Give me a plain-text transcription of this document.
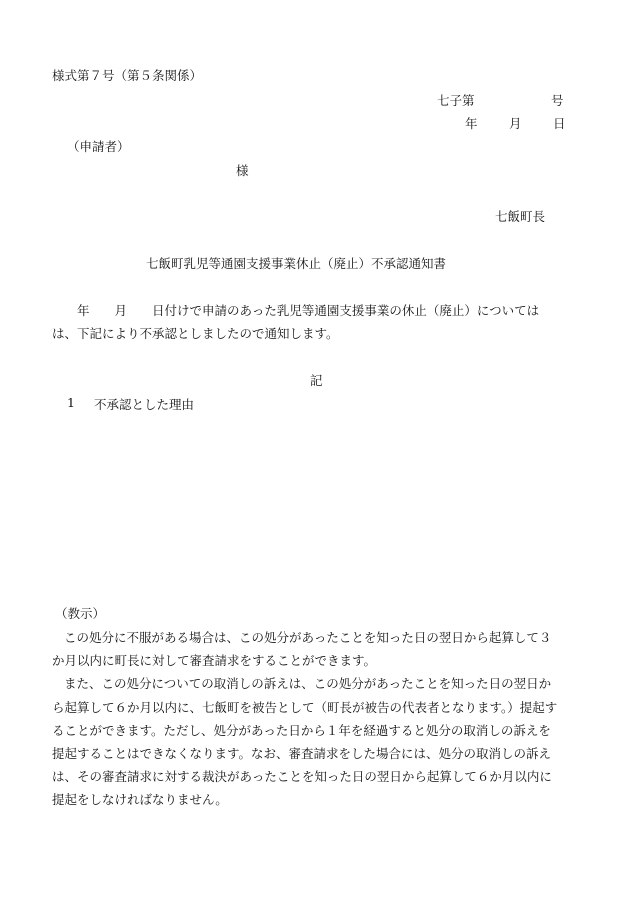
様式第７号（第５条関係）
七子第	号
年	月	日
（申請者）
様
七飯町長
七飯町乳児等通園支援事業休止（廃止）不承認通知書
　　年　　月　　日付けで申請のあった乳児等通園支援事業の休止（廃止）については
は、下記により不承認としましたので通知します。
記
1 不承認とした理由
（教示）
この処分に不服がある場合は、この処分があったことを知った日の翌日から起算して３
か月以内に町長に対して審査請求をすることができます。
また、この処分についての取消しの訴えは、この処分があったことを知った日の翌日か
ら起算して６か月以内に、七飯町を被告として（町長が被告の代表者となります。）提起す
ることができます。ただし、処分があった日から１年を経過すると処分の取消しの訴えを
提起することはできなくなります。なお、審査請求をした場合には、処分の取消しの訴え
は、その審査請求に対する裁決があったことを知った日の翌日から起算して６か月以内に
提起をしなければなりません。
